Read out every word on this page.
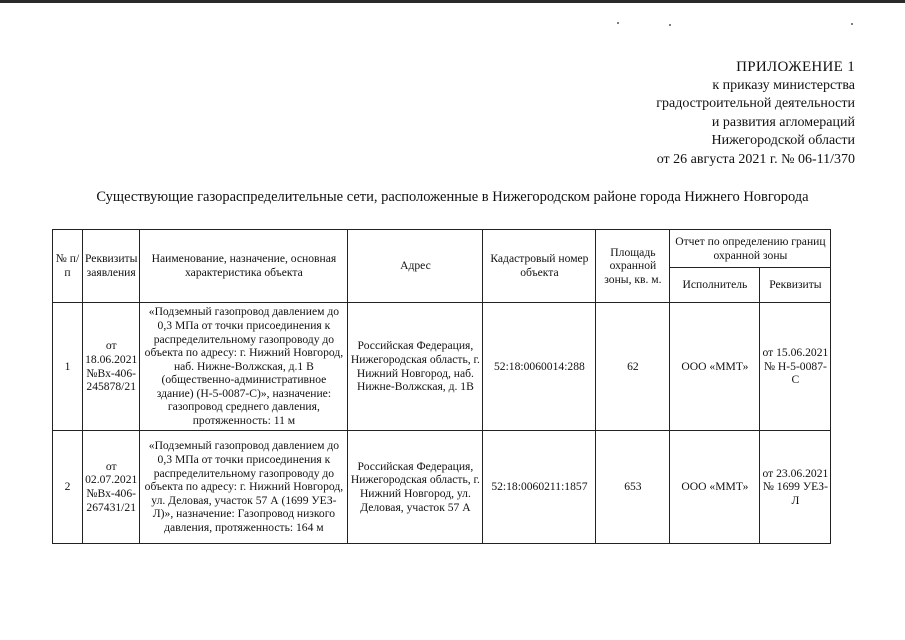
ПРИЛОЖЕНИЕ 1
к приказу министерства
градостроительной деятельности
и развития агломераций
Нижегородской области
от 26 августа 2021 г. № 06-11/370
Существующие газораспределительные сети, расположенные в Нижегородском районе города Нижнего Новгорода
№ п/п	Реквизиты заявления	Наименование, назначение, основная характеристика объекта	Адрес	Кадастровый номер объекта	Площадь охранной зоны, кв. м.	Отчет по определению границ охранной зоны	
						Исполнитель	Реквизиты
1	от 18.06.2021 №Вх-406-245878/21	«Подземный газопровод давлением до 0,3 МПа от точки присоединения к распределительному газопроводу до объекта по адресу: г. Нижний Новгород, наб. Нижне-Волжская, д.1 В (общественно-административное здание) (Н-5-0087-С)», назначение: газопровод среднего давления, протяженность: 11 м	Российская Федерация, Нижегородская область, г. Нижний Новгород, наб. Нижне-Волжская, д. 1В	52:18:0060014:288	62	ООО «ММТ»	от 15.06.2021 № Н-5-0087-С
2	от 02.07.2021 №Вх-406-267431/21	«Подземный газопровод давлением до 0,3 МПа от точки присоединения к распределительному газопроводу до объекта по адресу: г. Нижний Новгород, ул. Деловая, участок 57 А (1699 УЕЗ-Л)», назначение: Газопровод низкого давления, протяженность: 164 м	Российская Федерация, Нижегородская область, г. Нижний Новгород, ул. Деловая, участок 57 А	52:18:0060211:1857	653	ООО «ММТ»	от 23.06.2021 № 1699 УЕЗ-Л
